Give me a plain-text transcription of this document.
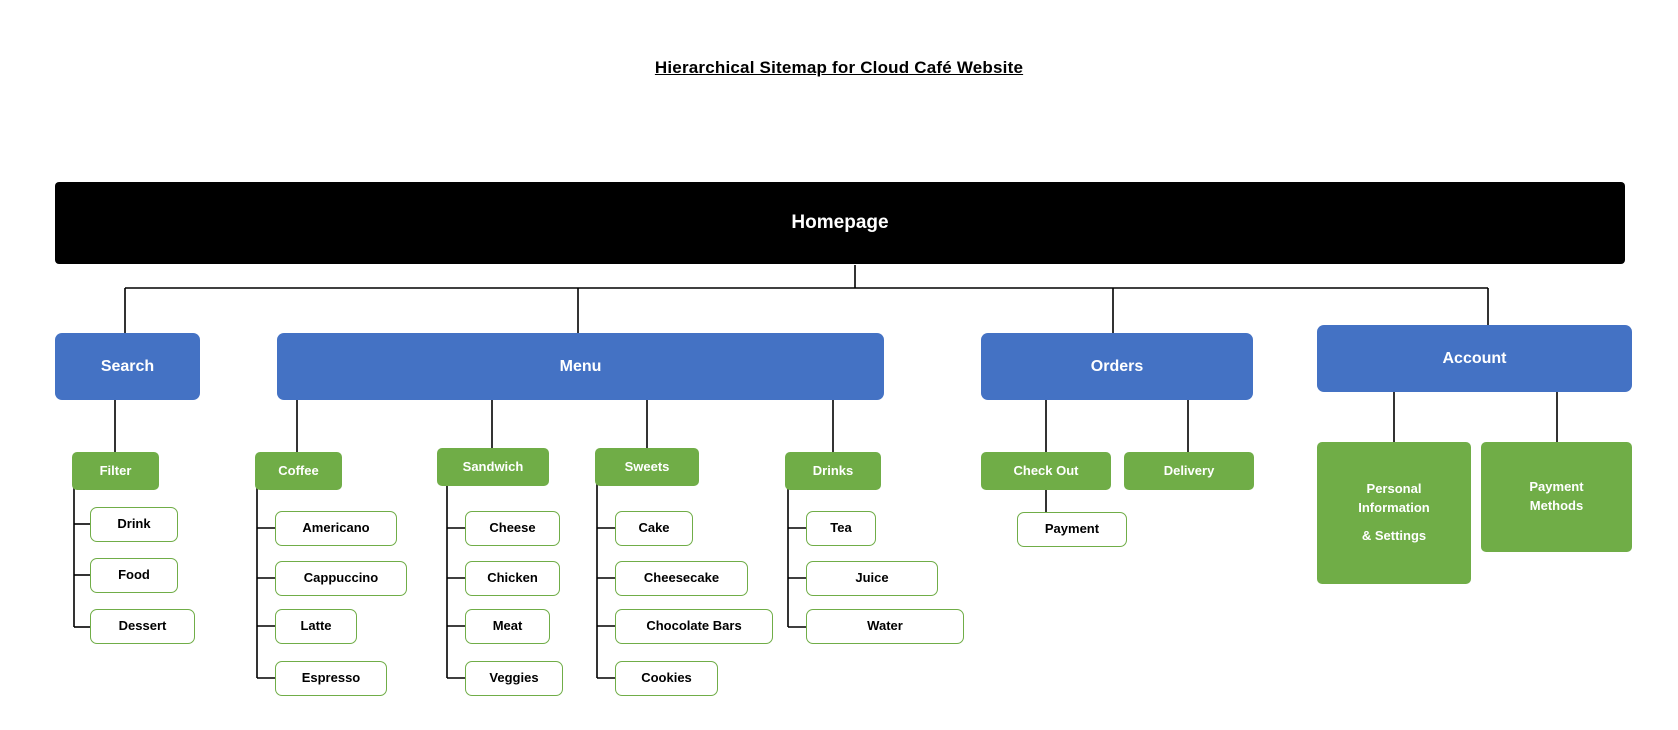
Hierarchical Sitemap for Cloud Café Website
Homepage
Search	Menu	Orders	Account
Filter	Coffee	Sandwich	Sweets	Drinks	Check Out	Delivery
Personal
Information
& Settings
Payment
Methods
Drink
Food
Dessert
Americano
Cappuccino
Latte
Espresso
Cheese
Chicken
Meat
Veggies
Cake
Cheesecake
Chocolate Bars
Cookies
Tea
Juice
Water
Payment
